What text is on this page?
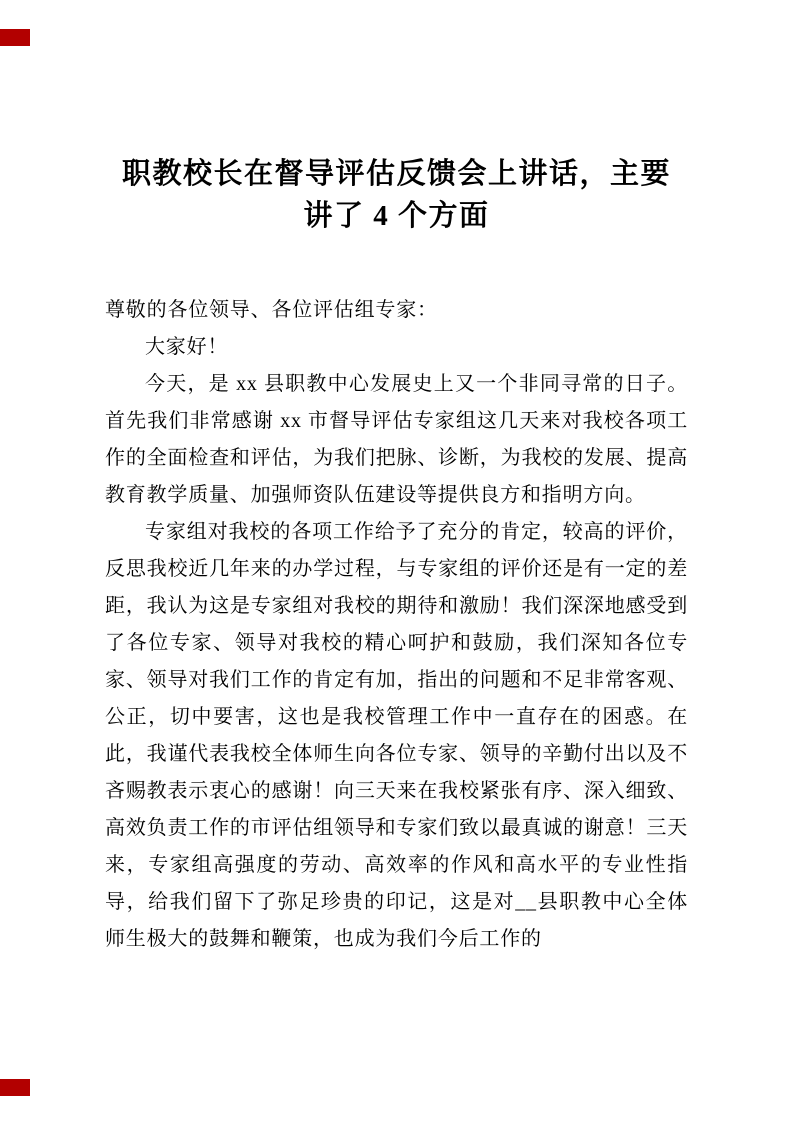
职教校长在督导评估反馈会上讲话，主要
讲了 4 个方面

尊敬的各位领导、各位评估组专家：

大家好！

今天，是 xx 县职教中心发展史上又一个非同寻常的日子。首先我们非常感谢 xx 市督导评估专家组这几天来对我校各项工作的全面检查和评估，为我们把脉、诊断，为我校的发展、提高教育教学质量、加强师资队伍建设等提供良方和指明方向。

专家组对我校的各项工作给予了充分的肯定，较高的评价，反思我校近几年来的办学过程，与专家组的评价还是有一定的差距，我认为这是专家组对我校的期待和激励！我们深深地感受到了各位专家、领导对我校的精心呵护和鼓励，我们深知各位专家、领导对我们工作的肯定有加，指出的问题和不足非常客观、公正，切中要害，这也是我校管理工作中一直存在的困惑。在此，我谨代表我校全体师生向各位专家、领导的辛勤付出以及不吝赐教表示衷心的感谢！向三天来在我校紧张有序、深入细致、高效负责工作的市评估组领导和专家们致以最真诚的谢意！三天来，专家组高强度的劳动、高效率的作风和高水平的专业性指导，给我们留下了弥足珍贵的印记，这是对__县职教中心全体师生极大的鼓舞和鞭策，也成为我们今后工作的
